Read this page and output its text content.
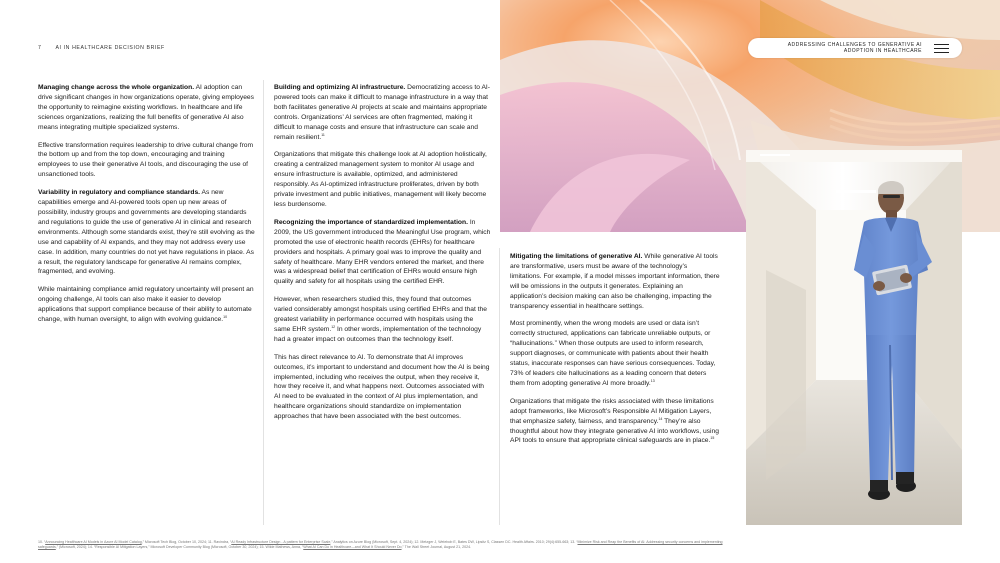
7	AI IN HEALTHCARE DECISION BRIEF	ADDRESSING CHALLENGES TO GENERATIVE AI
ADOPTION IN HEALTHCARE

Managing change across the whole organization. AI adoption can drive significant changes in how organizations operate, giving employees the opportunity to reimagine existing workflows. In healthcare and life sciences organizations, realizing the full benefits of generative AI also means integrating multiple specialized systems.

Effective transformation requires leadership to drive cultural change from the bottom up and from the top down, encouraging and training employees to use their generative AI tools, and discouraging the use of unsanctioned tools.

Variability in regulatory and compliance standards. As new capabilities emerge and AI-powered tools open up new areas of possibility, industry groups and governments are developing standards and regulations to guide the use of generative AI in clinical and research environments. Although some standards exist, they’re still evolving as the use and capability of AI expands, and they may not address every use case. In addition, many countries do not yet have regulations in place. As a result, the regulatory landscape for generative AI remains complex, fragmented, and evolving.

While maintaining compliance amid regulatory uncertainty will present an ongoing challenge, AI tools can also make it easier to develop applications that support compliance because of their ability to automate change, with human oversight, to align with evolving guidance.$^{10}$

Building and optimizing AI infrastructure. Democratizing access to AI-powered tools can make it difficult to manage infrastructure in a way that both facilitates generative AI projects at scale and maintains appropriate controls. Organizations’ AI services are often fragmented, making it difficult to manage costs and ensure that infrastructure can scale and remain resilient.$^{11}$

Organizations that mitigate this challenge look at AI adoption holistically, creating a centralized management system to monitor AI usage and ensure infrastructure is available, optimized, and administered responsibly. As AI-optimized infrastructure proliferates, driven by both private investment and public initiatives, management will likely become less burdensome.

Recognizing the importance of standardized implementation. In 2009, the US government introduced the Meaningful Use program, which promoted the use of electronic health records (EHRs) for healthcare providers and hospitals. A primary goal was to improve the quality and safety of healthcare. Many EHR vendors entered the market, and there was a widespread belief that certification of EHRs would ensure high quality and safety for all hospitals using the certified EHR.

However, when researchers studied this, they found that outcomes varied considerably amongst hospitals using certified EHRs and that the greatest variability in performance occurred with hospitals using the same EHR system.$^{12}$ In other words, implementation of the technology had a greater impact on outcomes than the technology itself.

This has direct relevance to AI. To demonstrate that AI improves outcomes, it’s important to understand and document how the AI is being implemented, including who receives the output, when they receive it, how they receive it, and what happens next. Outcomes associated with AI need to be evaluated in the context of AI plus implementation, and healthcare organizations should standardize on implementation approaches that have been associated with the best outcomes.

Mitigating the limitations of generative AI. While generative AI tools are transformative, users must be aware of the technology’s limitations. For example, if a model misses important information, there will be omissions in the outputs it generates. Explaining an application’s decision making can also be challenging, impacting the transparency essential in healthcare settings.

Most prominently, when the wrong models are used or data isn’t correctly structured, applications can fabricate unreliable outputs, or “hallucinations.” When those outputs are used to inform research, support diagnoses, or communicate with patients about their health status, inaccurate responses can have serious consequences. Today, 73% of leaders cite hallucinations as a leading concern that deters them from adopting generative AI more broadly.$^{13}$

Organizations that mitigate the risks associated with these limitations adopt frameworks, like Microsoft’s Responsible AI Mitigation Layers, that emphasize safety, fairness, and transparency.$^{14}$ They’re also thoughtful about how they integrate generative AI into workflows, using API tools to ensure that appropriate clinical safeguards are in place.$^{15}$

10. “Announcing Healthcare AI Models in Azure AI Model Catalog,” Microsoft Tech Blog, October 10, 2024; 11. Ravindra, “AI Ready Infrastructure Design - A pattern for Enterprise Scale,” Analytics on Azure Blog (Microsoft, Sept. 4, 2024); 12. Metzger J, Welebob E, Bates DW, Lipsitz S, Classen DC. Health Affairs. 2010; 29(4):655-663; 13. “Minimize Risk and Reap the Benefits of AI: Addressing security concerns and implementing safeguards,” (Microsoft, 2024); 14. “Responsible AI Mitigation Layers,” Microsoft Developer Community Blog (Microsoft, October 30, 2024); 15. Wilde Mathews, Anna, “What AI Can Do in Healthcare—and What It Should Never Do,” The Wall Street Journal, August 21, 2024.
